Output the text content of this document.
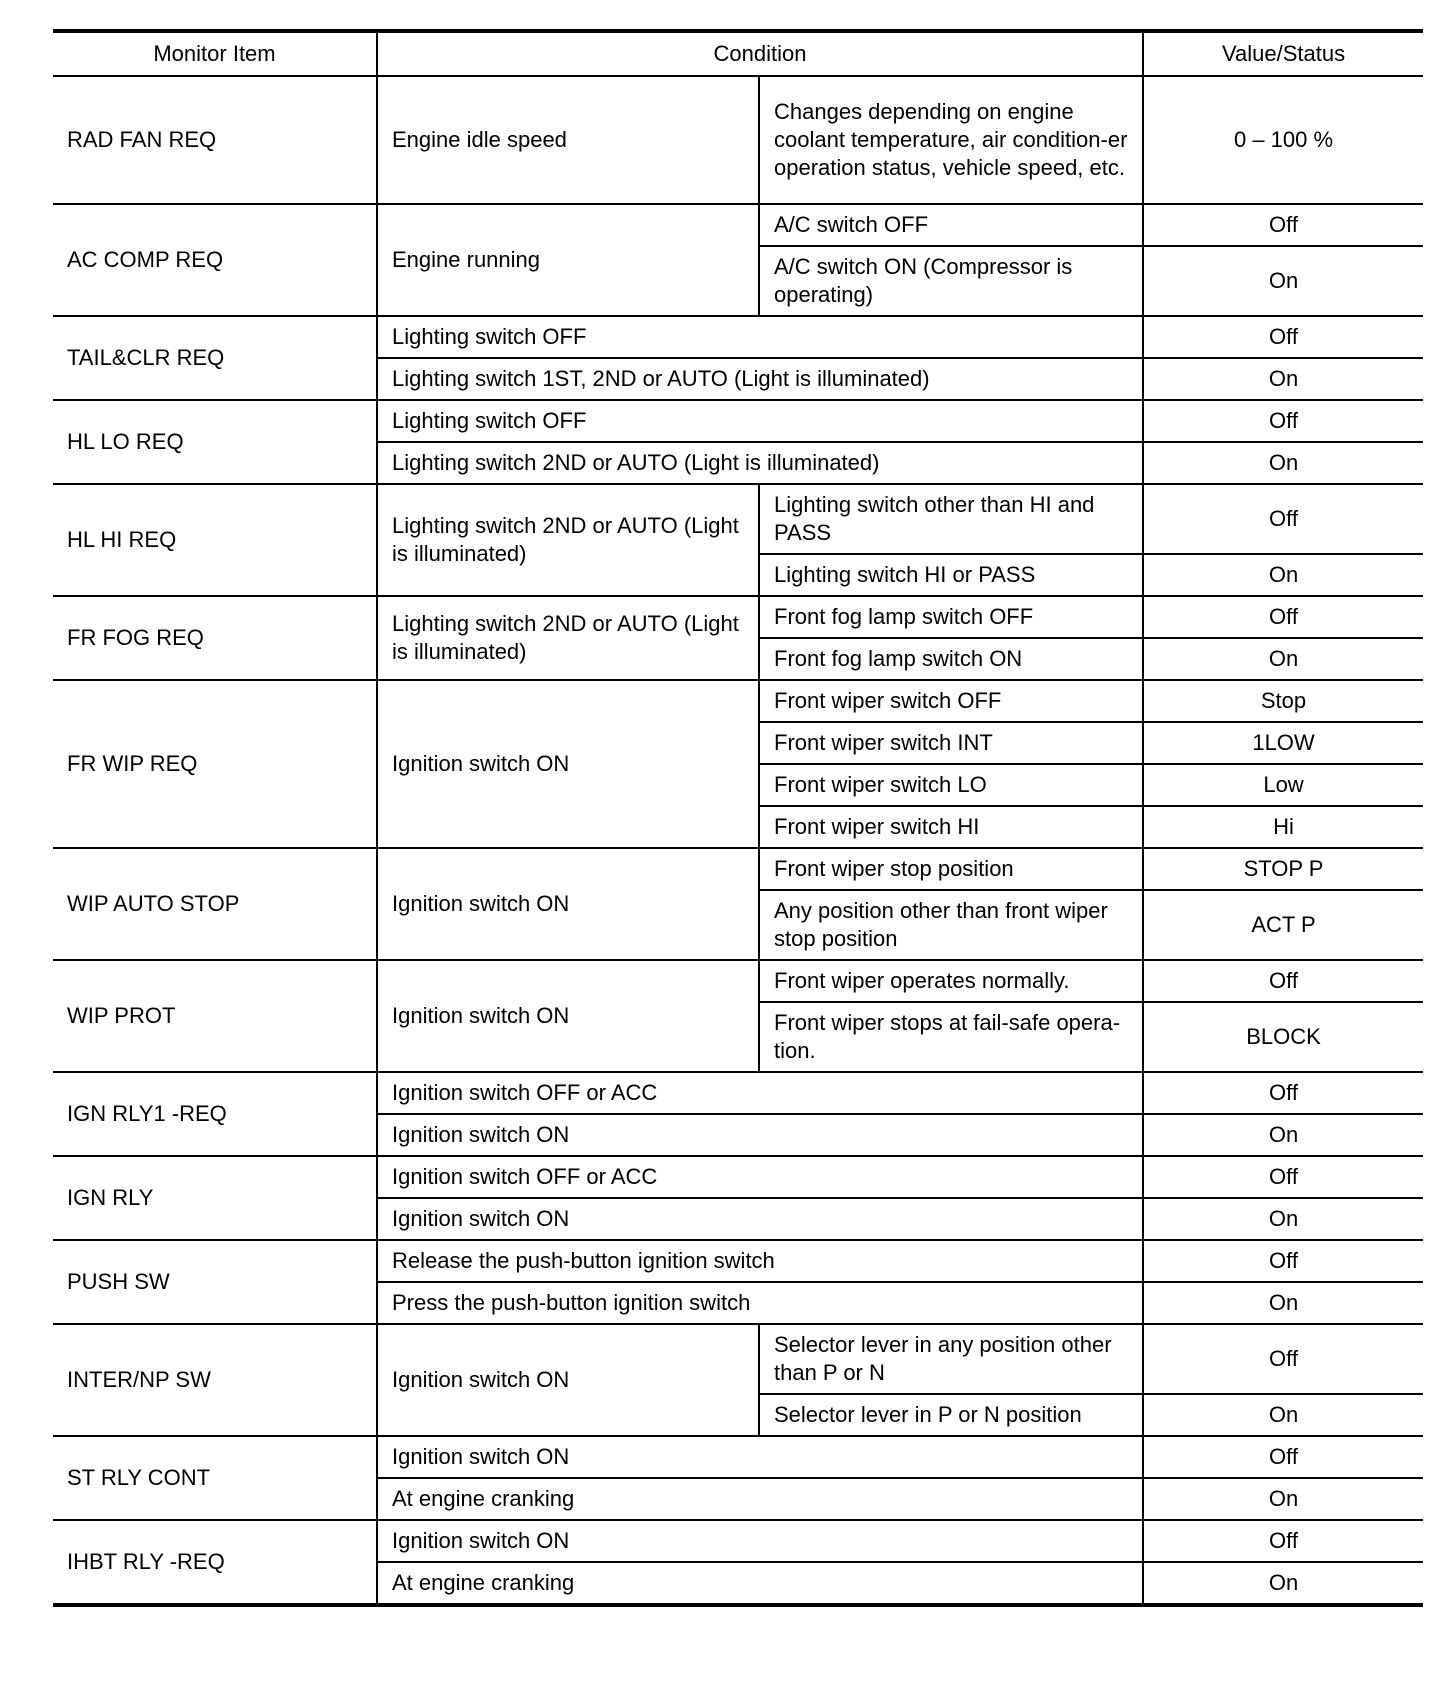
Monitor Item	Condition		Value/Status
RAD FAN REQ	Engine idle speed	Changes depending on engine coolant temperature, air condition-er operation status, vehicle speed, etc.	0 – 100 %
AC COMP REQ	Engine running	A/C switch OFF	Off
		A/C switch ON (Compressor is operating)	On
TAIL&CLR REQ	Lighting switch OFF		Off
	Lighting switch 1ST, 2ND or AUTO (Light is illuminated)		On
HL LO REQ	Lighting switch OFF		Off
	Lighting switch 2ND or AUTO (Light is illuminated)		On
HL HI REQ	Lighting switch 2ND or AUTO (Light is illuminated)	Lighting switch other than HI and PASS	Off
		Lighting switch HI or PASS	On
FR FOG REQ	Lighting switch 2ND or AUTO (Light is illuminated)	Front fog lamp switch OFF	Off
		Front fog lamp switch ON	On
FR WIP REQ	Ignition switch ON	Front wiper switch OFF	Stop
		Front wiper switch INT	1LOW
		Front wiper switch LO	Low
		Front wiper switch HI	Hi
WIP AUTO STOP	Ignition switch ON	Front wiper stop position	STOP P
		Any position other than front wiper stop position	ACT P
WIP PROT	Ignition switch ON	Front wiper operates normally.	Off
		Front wiper stops at fail-safe opera-tion.	BLOCK
IGN RLY1 -REQ	Ignition switch OFF or ACC		Off
	Ignition switch ON		On
IGN RLY	Ignition switch OFF or ACC		Off
	Ignition switch ON		On
PUSH SW	Release the push-button ignition switch		Off
	Press the push-button ignition switch		On
INTER/NP SW	Ignition switch ON	Selector lever in any position other than P or N	Off
		Selector lever in P or N position	On
ST RLY CONT	Ignition switch ON		Off
	At engine cranking		On
IHBT RLY -REQ	Ignition switch ON		Off
	At engine cranking		On
